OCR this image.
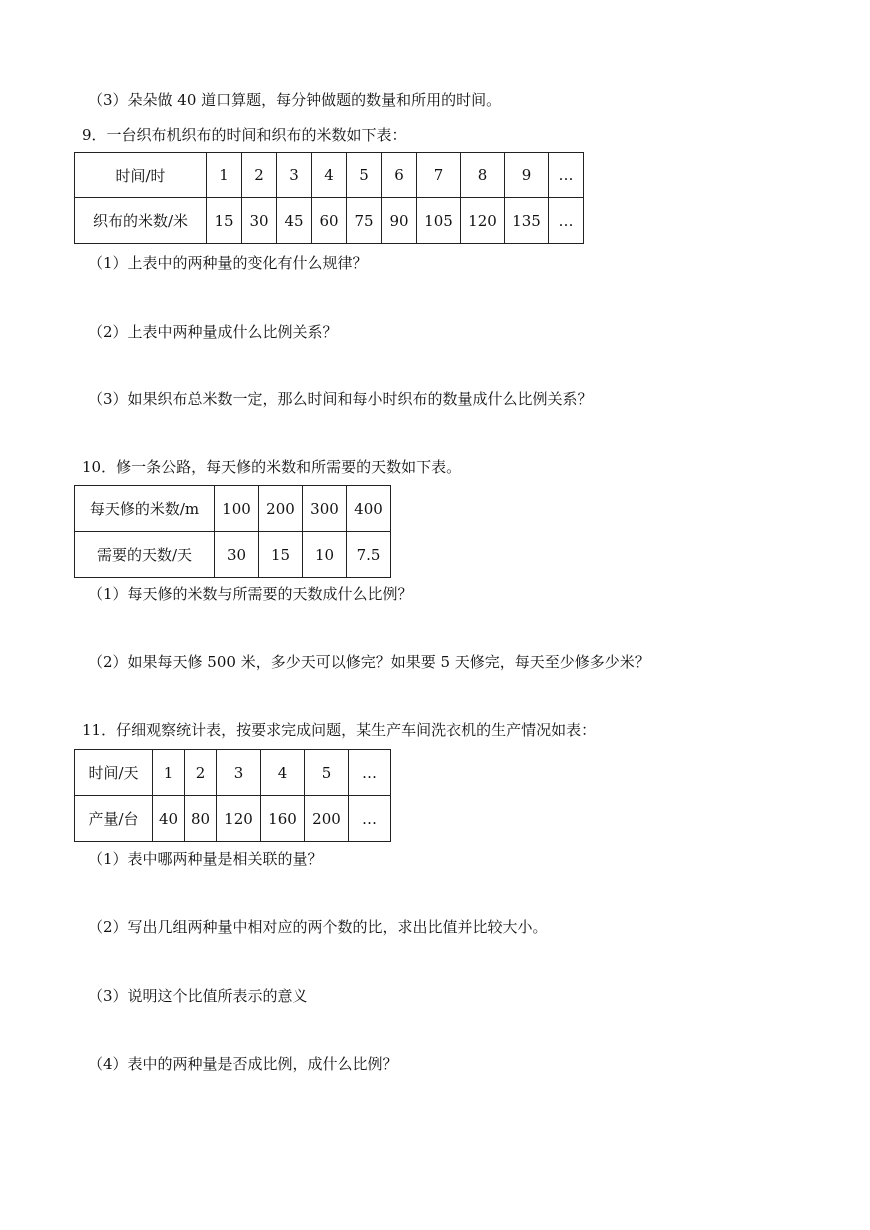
（3）朵朵做 40 道口算题，每分钟做题的数量和所用的时间。
9．一台织布机织布的时间和织布的米数如下表：
时间/时	1	2	3	4	5	6	7	8	9	…
织布的米数/米	15	30	45	60	75	90	105	120	135	…
（1）上表中的两种量的变化有什么规律？
（2）上表中两种量成什么比例关系？
（3）如果织布总米数一定，那么时间和每小时织布的数量成什么比例关系？
10．修一条公路，每天修的米数和所需要的天数如下表。
每天修的米数/m	100	200	300	400
需要的天数/天	30	15	10	7.5
（1）每天修的米数与所需要的天数成什么比例？
（2）如果每天修 500 米，多少天可以修完？如果要 5 天修完，每天至少修多少米？
11．仔细观察统计表，按要求完成问题，某生产车间洗衣机的生产情况如表：
时间/天	1	2	3	4	5	…
产量/台	40	80	120	160	200	…
（1）表中哪两种量是相关联的量？
（2）写出几组两种量中相对应的两个数的比，求出比值并比较大小。
（3）说明这个比值所表示的意义
（4）表中的两种量是否成比例，成什么比例？
